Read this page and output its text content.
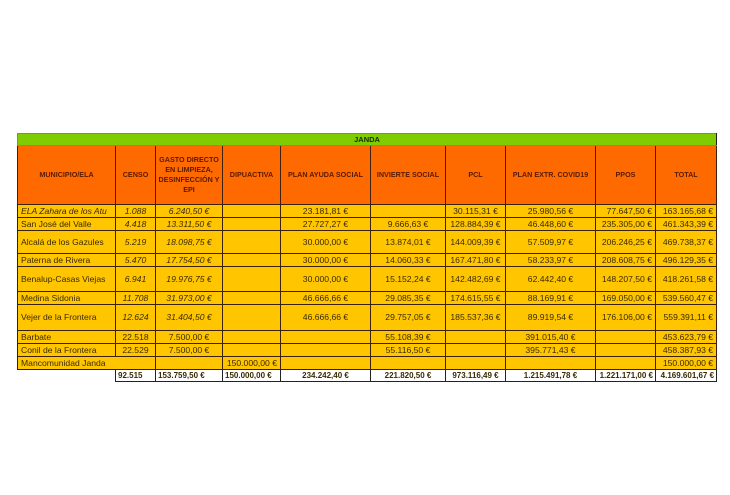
JANDA									
MUNICIPIO/ELA	CENSO	GASTO DIRECTO EN LIMPIEZA, DESINFECCIÓN Y EPI	DIPUACTIVA	PLAN AYUDA SOCIAL	INVIERTE SOCIAL	PCL	PLAN EXTR. COVID19	PPOS	TOTAL
ELA Zahara de los Atu	1.088	6.240,50 €		23.181,81 €		30.115,31 €	25.980,56 €	77.647,50 €	163.165,68 €
San José del Valle	4.418	13.311,50 €		27.727,27 €	9.666,63 €	128.884,39 €	46.448,60 €	235.305,00 €	461.343,39 €
Alcalá de los Gazules	5.219	18.098,75 €		30.000,00 €	13.874,01 €	144.009,39 €	57.509,97 €	206.246,25 €	469.738,37 €
Paterna de Rivera	5.470	17.754,50 €		30.000,00 €	14.060,33 €	167.471,80 €	58.233,97 €	208.608,75 €	496.129,35 €
Benalup-Casas Viejas	6.941	19.976,75 €		30.000,00 €	15.152,24 €	142.482,69 €	62.442,40 €	148.207,50 €	418.261,58 €
Medina Sidonia	11.708	31.973,00 €		46.666,66 €	29.085,35 €	174.615,55 €	88.169,91 €	169.050,00 €	539.560,47 €
Vejer de la Frontera	12.624	31.404,50 €		46.666,66 €	29.757,05 €	185.537,36 €	89.919,54 €	176.106,00 €	559.391,11 €
Barbate	22.518	7.500,00 €			55.108,39 €		391.015,40 €		453.623,79 €
Conil de la Frontera	22.529	7.500,00 €			55.116,50 €		395.771,43 €		458.387,93 €
Mancomunidad Janda			150.000,00 €						150.000,00 €
	92.515	153.759,50 €	150.000,00 €	234.242,40 €	221.820,50 €	973.116,49 €	1.215.491,78 €	1.221.171,00 €	4.169.601,67 €
